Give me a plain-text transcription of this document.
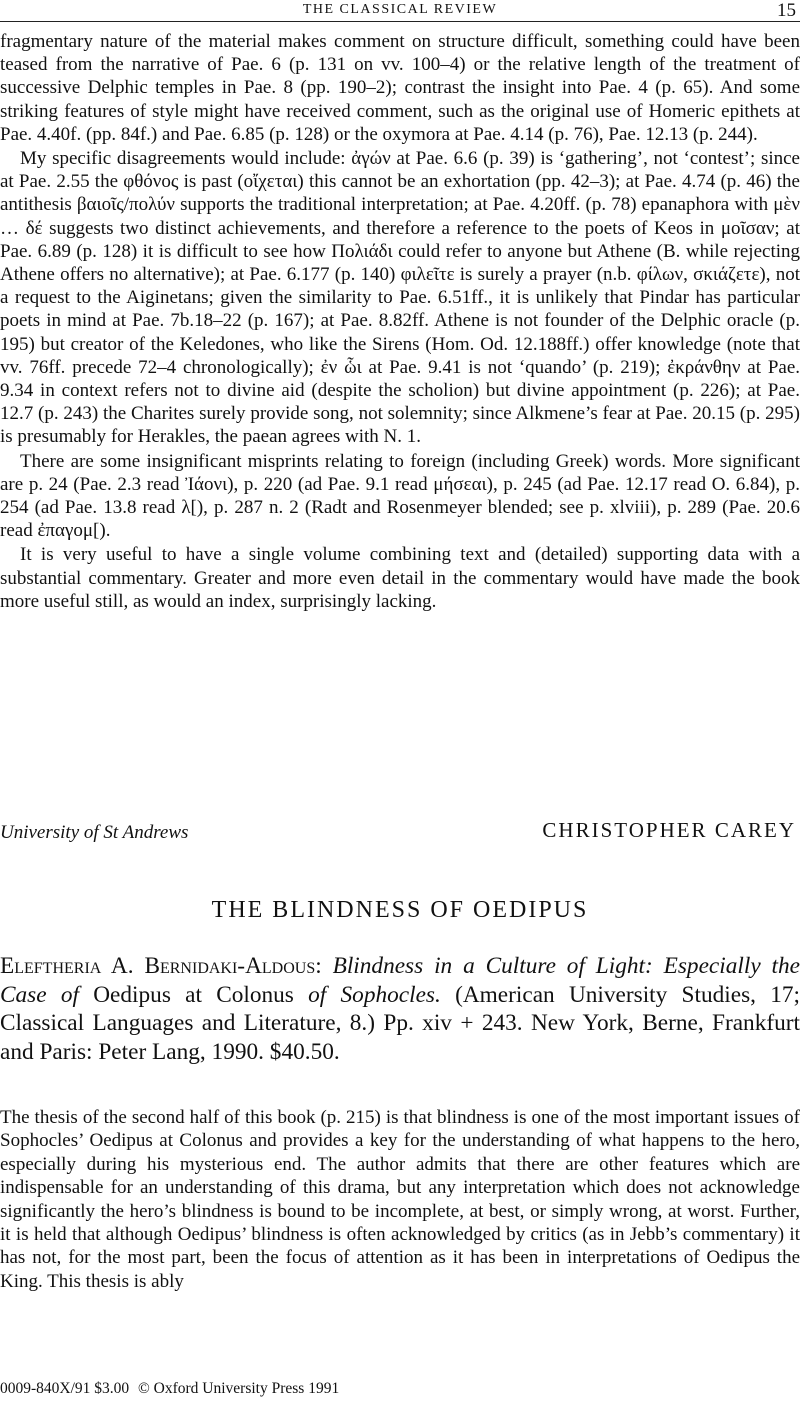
THE CLASSICAL REVIEW	15

fragmentary nature of the material makes comment on structure difficult, something could have been teased from the narrative of Pae. 6 (p. 131 on vv. 100–4) or the relative length of the treatment of successive Delphic temples in Pae. 8 (pp. 190–2); contrast the insight into Pae. 4 (p. 65). And some striking features of style might have received comment, such as the original use of Homeric epithets at Pae. 4.40f. (pp. 84f.) and Pae. 6.85 (p. 128) or the oxymora at Pae. 4.14 (p. 76), Pae. 12.13 (p. 244).

My specific disagreements would include: ἀγών at Pae. 6.6 (p. 39) is ‘gathering’, not ‘contest’; since at Pae. 2.55 the φθόνος is past (οἴχεται) this cannot be an exhortation (pp. 42–3); at Pae. 4.74 (p. 46) the antithesis βαιοῖς/πολύν supports the traditional interpretation; at Pae. 4.20ff. (p. 78) epanaphora with μὲν … δέ suggests two distinct achievements, and therefore a reference to the poets of Keos in μοῖσαν; at Pae. 6.89 (p. 128) it is difficult to see how Πολιάδι could refer to anyone but Athene (B. while rejecting Athene offers no alternative); at Pae. 6.177 (p. 140) φιλεῖτε is surely a prayer (n.b. φίλων, σκιάζετε), not a request to the Aiginetans; given the similarity to Pae. 6.51ff., it is unlikely that Pindar has particular poets in mind at Pae. 7b.18–22 (p. 167); at Pae. 8.82ff. Athene is not founder of the Delphic oracle (p. 195) but creator of the Keledones, who like the Sirens (Hom. Od. 12.188ff.) offer knowledge (note that vv. 76ff. precede 72–4 chronologically); ἐν ὧι at Pae. 9.41 is not ‘quando’ (p. 219); ἐκράνθην at Pae. 9.34 in context refers not to divine aid (despite the scholion) but divine appointment (p. 226); at Pae. 12.7 (p. 243) the Charites surely provide song, not solemnity; since Alkmene’s fear at Pae. 20.15 (p. 295) is presumably for Herakles, the paean agrees with N. 1.

There are some insignificant misprints relating to foreign (including Greek) words. More significant are p. 24 (Pae. 2.3 read Ἰάονι), p. 220 (ad Pae. 9.1 read μήσεαι), p. 245 (ad Pae. 12.17 read O. 6.84), p. 254 (ad Pae. 13.8 read λ[), p. 287 n. 2 (Radt and Rosenmeyer blended; see p. xlviii), p. 289 (Pae. 20.6 read ἐπαγομ[).

It is very useful to have a single volume combining text and (detailed) supporting data with a substantial commentary. Greater and more even detail in the commentary would have made the book more useful still, as would an index, surprisingly lacking.

University of St Andrews	CHRISTOPHER CAREY
THE BLINDNESS OF OEDIPUS
Eleftheria A. Bernidaki-Aldous: Blindness in a Culture of Light: Especially the Case of Oedipus at Colonus of Sophocles. (American University Studies, 17; Classical Languages and Literature, 8.) Pp. xiv + 243. New York, Berne, Frankfurt and Paris: Peter Lang, 1990. $40.50.

The thesis of the second half of this book (p. 215) is that blindness is one of the most important issues of Sophocles’ Oedipus at Colonus and provides a key for the understanding of what happens to the hero, especially during his mysterious end. The author admits that there are other features which are indispensable for an understanding of this drama, but any interpretation which does not acknowledge significantly the hero’s blindness is bound to be incomplete, at best, or simply wrong, at worst. Further, it is held that although Oedipus’ blindness is often acknowledged by critics (as in Jebb’s commentary) it has not, for the most part, been the focus of attention as it has been in interpretations of Oedipus the King. This thesis is ably

0009-840X/91 $3.00 © Oxford University Press 1991
